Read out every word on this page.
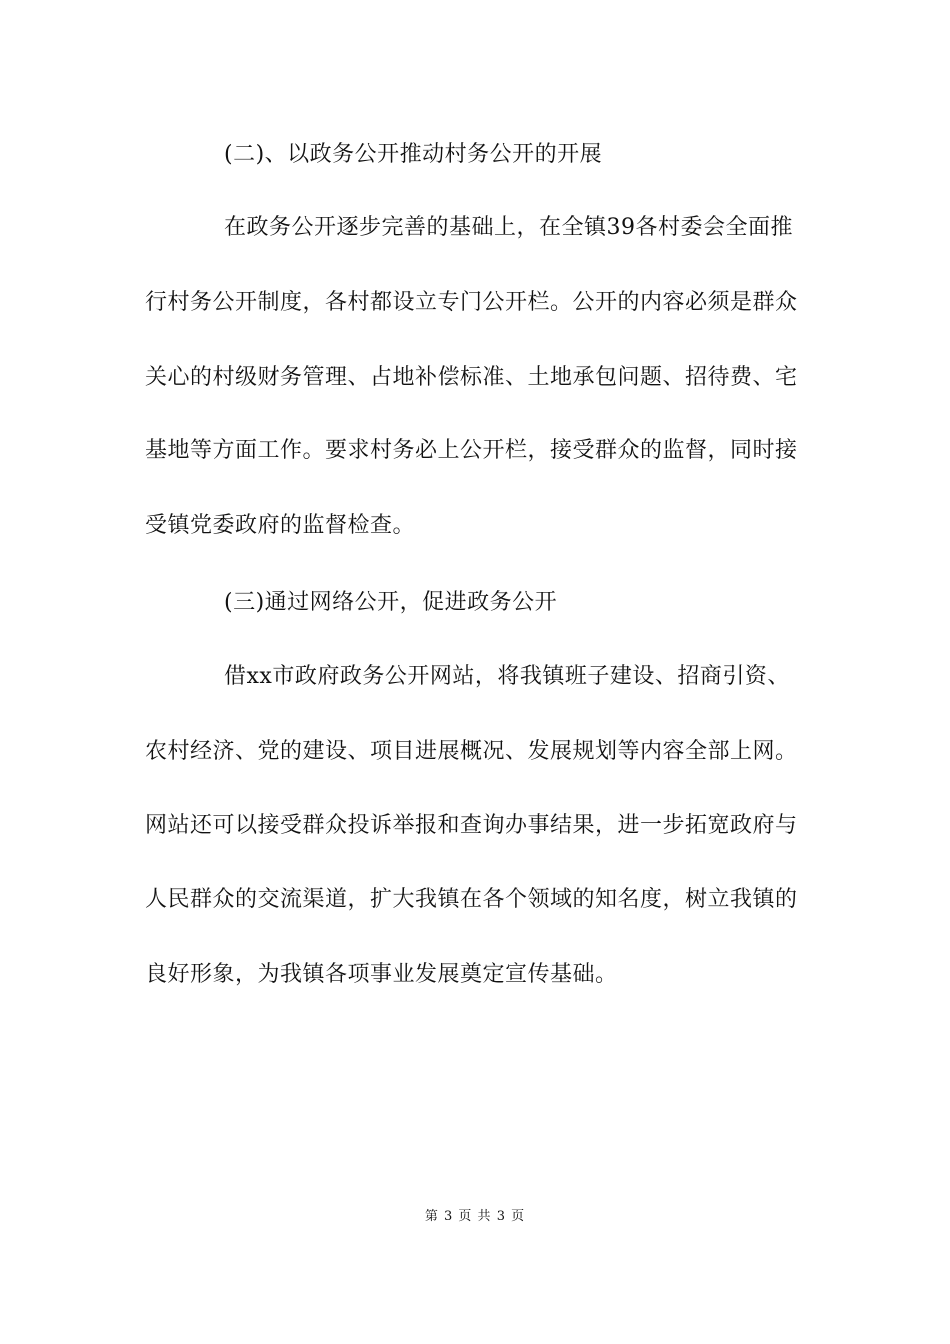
(二)、以政务公开推动村务公开的开展
在政务公开逐步完善的基础上，在全镇39各村委会全面推
行村务公开制度，各村都设立专门公开栏。公开的内容必须是群众
关心的村级财务管理、占地补偿标准、土地承包问题、招待费、宅
基地等方面工作。要求村务必上公开栏，接受群众的监督，同时接
受镇党委政府的监督检查。
(三)通过网络公开，促进政务公开
借xx市政府政务公开网站，将我镇班子建设、招商引资、
农村经济、党的建设、项目进展概况、发展规划等内容全部上网。
网站还可以接受群众投诉举报和查询办事结果，进一步拓宽政府与
人民群众的交流渠道，扩大我镇在各个领域的知名度，树立我镇的
良好形象，为我镇各项事业发展奠定宣传基础。
第 3 页 共 3 页
